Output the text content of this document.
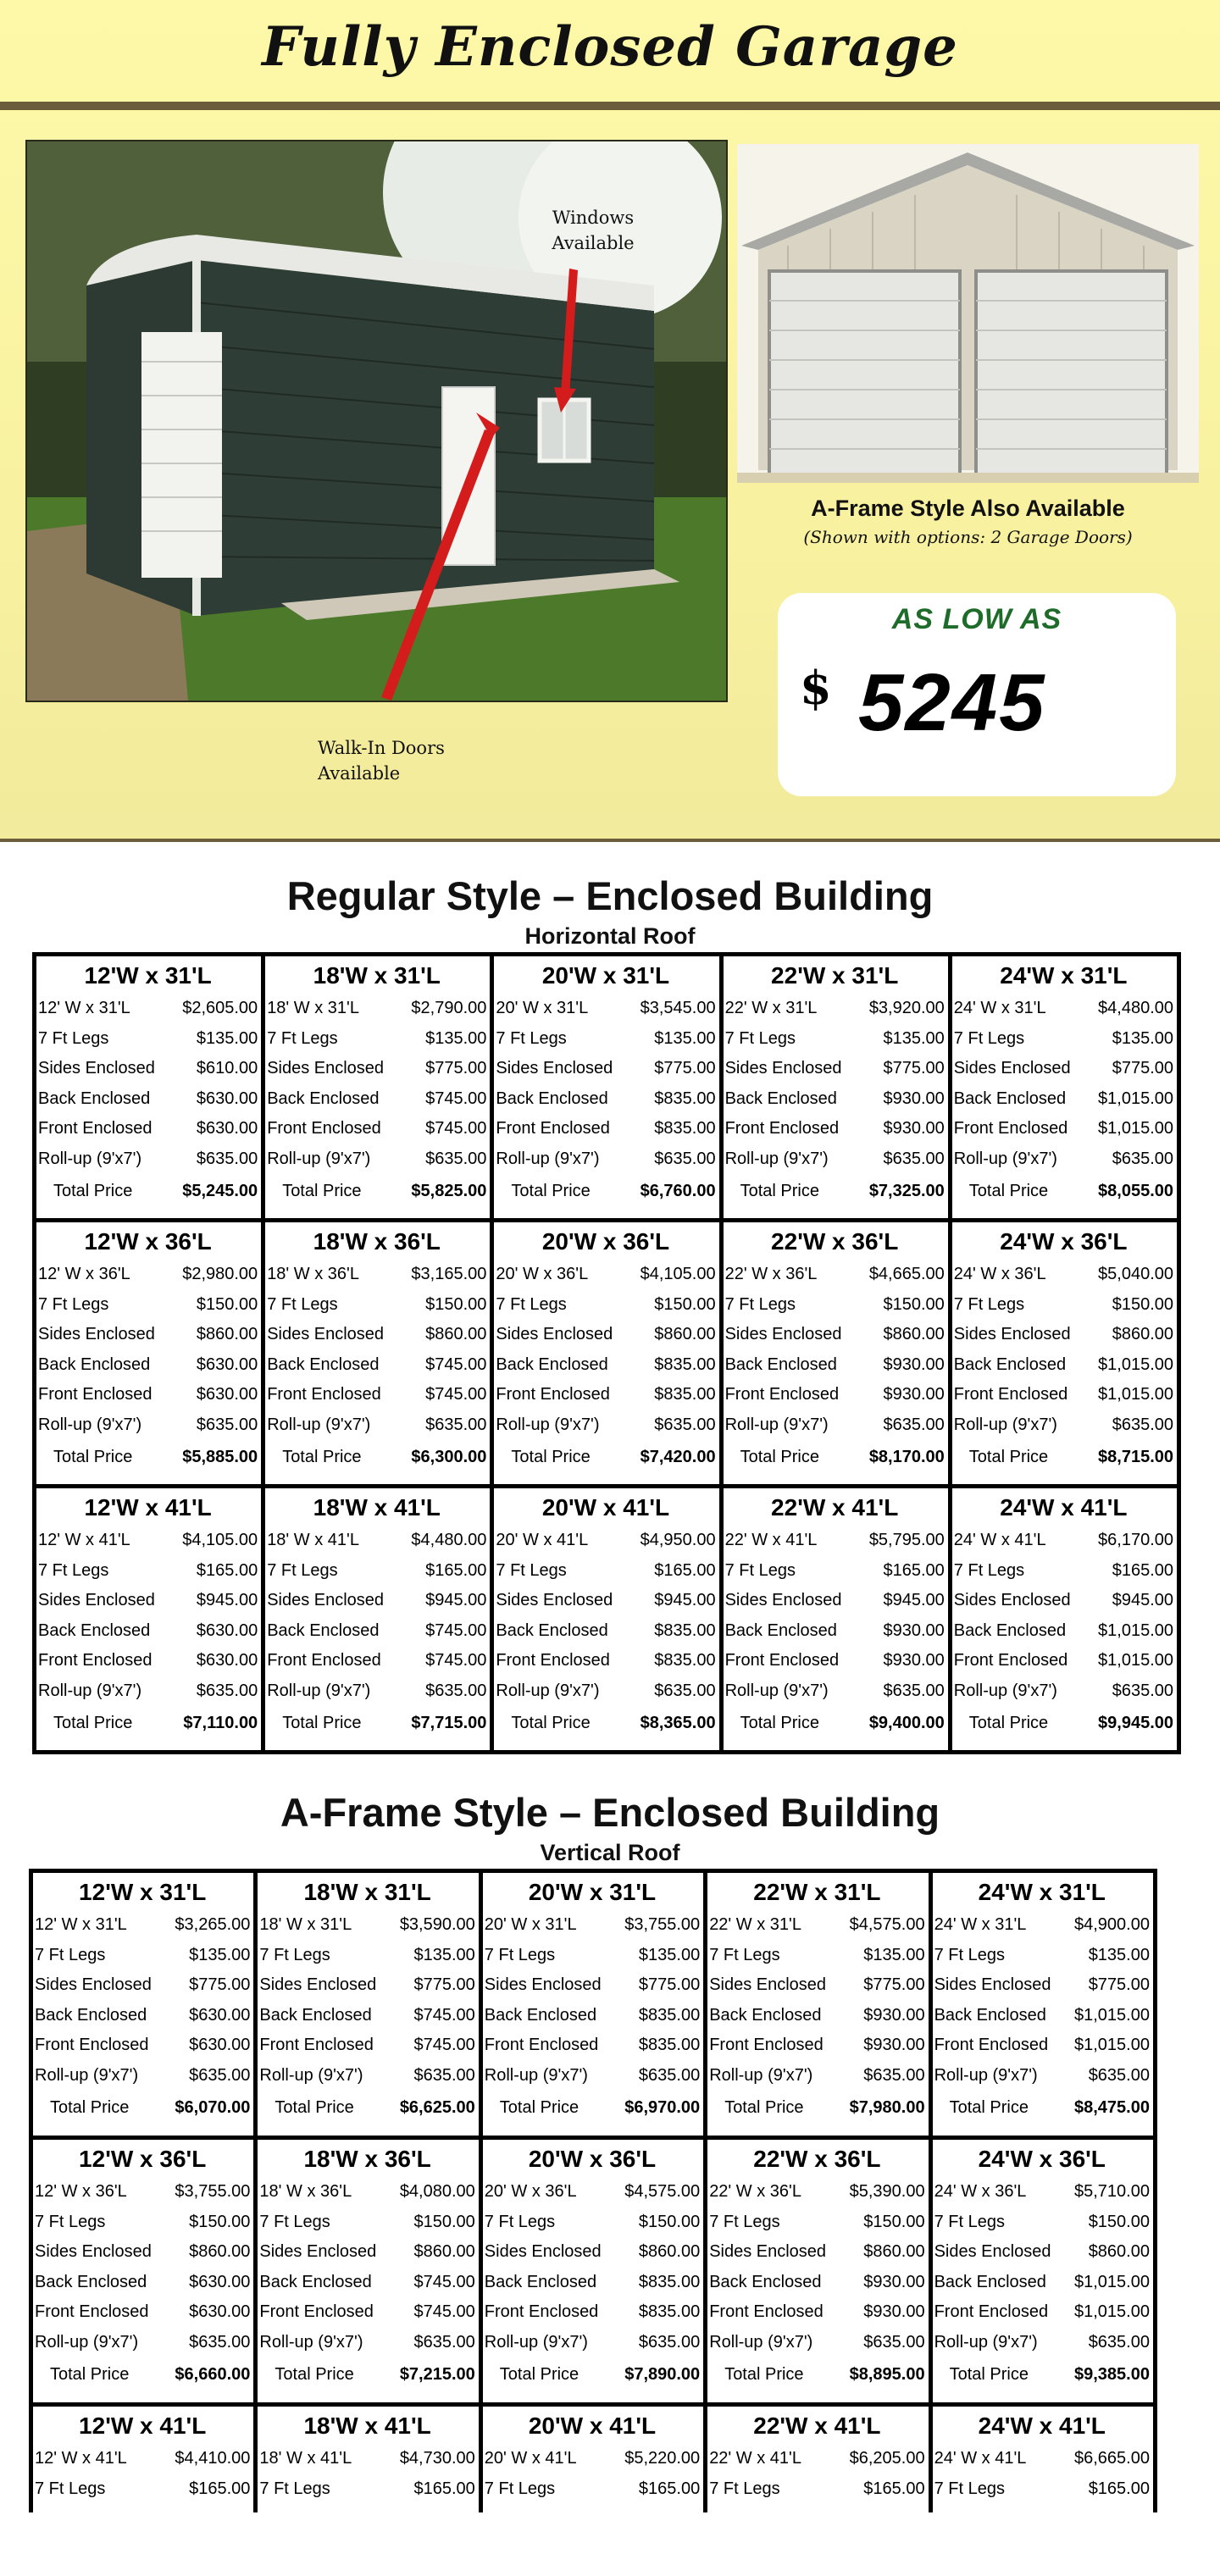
Fully Enclosed Garage
Windows Available
Walk-In Doors Available
A-Frame Style Also Available
(Shown with options: 2 Garage Doors)
AS LOW AS
$ 5245
Regular Style – Enclosed Building
Horizontal Roof
12'W x 31'L
12' W x 31'L	$2,605.00
7 Ft Legs	$135.00
Sides Enclosed $610.00
Back Enclosed	$630.00
Front Enclosed	$630.00
Roll-up (9'x7')	$635.00
Total Price	$5,245.00
18'W x 31'L
18' W x 31'L	$2,790.00
7 Ft Legs	$135.00
Sides Enclosed $775.00
Back Enclosed	$745.00
Front Enclosed	$745.00
Roll-up (9'x7')	$635.00
Total Price	$5,825.00
20'W x 31'L
20' W x 31'L	$3,545.00
7 Ft Legs	$135.00
Sides Enclosed $775.00
Back Enclosed	$835.00
Front Enclosed	$835.00
Roll-up (9'x7')	$635.00
Total Price	$6,760.00
22'W x 31'L
22' W x 31'L	$3,920.00
7 Ft Legs	$135.00
Sides Enclosed $775.00
Back Enclosed	$930.00
Front Enclosed	$930.00
Roll-up (9'x7')	$635.00
Total Price	$7,325.00
24'W x 31'L
24' W x 31'L	$4,480.00
7 Ft Legs	$135.00
Sides Enclosed $775.00
Back Enclosed $1,015.00
Front Enclosed $1,015.00
Roll-up (9'x7')	$635.00
Total Price	$8,055.00
12'W x 36'L
12' W x 36'L	$2,980.00
7 Ft Legs	$150.00
Sides Enclosed $860.00
Back Enclosed	$630.00
Front Enclosed	$630.00
Roll-up (9'x7')	$635.00
Total Price	$5,885.00
18'W x 36'L
18' W x 36'L	$3,165.00
7 Ft Legs	$150.00
Sides Enclosed $860.00
Back Enclosed	$745.00
Front Enclosed	$745.00
Roll-up (9'x7')	$635.00
Total Price	$6,300.00
20'W x 36'L
20' W x 36'L	$4,105.00
7 Ft Legs	$150.00
Sides Enclosed $860.00
Back Enclosed	$835.00
Front Enclosed	$835.00
Roll-up (9'x7')	$635.00
Total Price	$7,420.00
22'W x 36'L
22' W x 36'L	$4,665.00
7 Ft Legs	$150.00
Sides Enclosed $860.00
Back Enclosed	$930.00
Front Enclosed	$930.00
Roll-up (9'x7')	$635.00
Total Price	$8,170.00
24'W x 36'L
24' W x 36'L	$5,040.00
7 Ft Legs	$150.00
Sides Enclosed $860.00
Back Enclosed $1,015.00
Front Enclosed $1,015.00
Roll-up (9'x7')	$635.00
Total Price	$8,715.00
12'W x 41'L
12' W x 41'L	$4,105.00
7 Ft Legs	$165.00
Sides Enclosed $945.00
Back Enclosed	$630.00
Front Enclosed	$630.00
Roll-up (9'x7')	$635.00
Total Price	$7,110.00
18'W x 41'L
18' W x 41'L	$4,480.00
7 Ft Legs	$165.00
Sides Enclosed $945.00
Back Enclosed	$745.00
Front Enclosed	$745.00
Roll-up (9'x7')	$635.00
Total Price	$7,715.00
20'W x 41'L
20' W x 41'L	$4,950.00
7 Ft Legs	$165.00
Sides Enclosed $945.00
Back Enclosed	$835.00
Front Enclosed	$835.00
Roll-up (9'x7')	$635.00
Total Price	$8,365.00
22'W x 41'L
22' W x 41'L	$5,795.00
7 Ft Legs	$165.00
Sides Enclosed $945.00
Back Enclosed	$930.00
Front Enclosed	$930.00
Roll-up (9'x7')	$635.00
Total Price	$9,400.00
24'W x 41'L
24' W x 41'L	$6,170.00
7 Ft Legs	$165.00
Sides Enclosed $945.00
Back Enclosed $1,015.00
Front Enclosed $1,015.00
Roll-up (9'x7')	$635.00
Total Price	$9,945.00
A-Frame Style – Enclosed Building
Vertical Roof
12'W x 31'L
12' W x 31'L	$3,265.00
7 Ft Legs	$135.00
Sides Enclosed $775.00
Back Enclosed $630.00
Front Enclosed $630.00
Roll-up (9'x7')	$635.00
Total Price	$6,070.00
18'W x 31'L
18' W x 31'L	$3,590.00
7 Ft Legs	$135.00
Sides Enclosed $775.00
Back Enclosed $745.00
Front Enclosed $745.00
Roll-up (9'x7')	$635.00
Total Price	$6,625.00
20'W x 31'L
20' W x 31'L	$3,755.00
7 Ft Legs	$135.00
Sides Enclosed $775.00
Back Enclosed $835.00
Front Enclosed $835.00
Roll-up (9'x7')	$635.00
Total Price	$6,970.00
22'W x 31'L
22' W x 31'L	$4,575.00
7 Ft Legs	$135.00
Sides Enclosed $775.00
Back Enclosed $930.00
Front Enclosed $930.00
Roll-up (9'x7')	$635.00
Total Price	$7,980.00
24'W x 31'L
24' W x 31'L	$4,900.00
7 Ft Legs	$135.00
Sides Enclosed $775.00
Back Enclosed $1,015.00
Front Enclosed $1,015.00
Roll-up (9'x7')	$635.00
Total Price	$8,475.00
12'W x 36'L
12' W x 36'L	$3,755.00
7 Ft Legs	$150.00
Sides Enclosed $860.00
Back Enclosed $630.00
Front Enclosed $630.00
Roll-up (9'x7')	$635.00
Total Price	$6,660.00
18'W x 36'L
18' W x 36'L	$4,080.00
7 Ft Legs	$150.00
Sides Enclosed $860.00
Back Enclosed $745.00
Front Enclosed $745.00
Roll-up (9'x7')	$635.00
Total Price	$7,215.00
20'W x 36'L
20' W x 36'L	$4,575.00
7 Ft Legs	$150.00
Sides Enclosed $860.00
Back Enclosed $835.00
Front Enclosed $835.00
Roll-up (9'x7')	$635.00
Total Price	$7,890.00
22'W x 36'L
22' W x 36'L	$5,390.00
7 Ft Legs	$150.00
Sides Enclosed $860.00
Back Enclosed $930.00
Front Enclosed $930.00
Roll-up (9'x7')	$635.00
Total Price	$8,895.00
24'W x 36'L
24' W x 36'L	$5,710.00
7 Ft Legs	$150.00
Sides Enclosed $860.00
Back Enclosed $1,015.00
Front Enclosed $1,015.00
Roll-up (9'x7')	$635.00
Total Price	$9,385.00
12'W x 41'L
12' W x 41'L	$4,410.00
7 Ft Legs	$165.00
18'W x 41'L
18' W x 41'L	$4,730.00
7 Ft Legs	$165.00
20'W x 41'L
20' W x 41'L	$5,220.00
7 Ft Legs	$165.00
22'W x 41'L
22' W x 41'L	$6,205.00
7 Ft Legs	$165.00
24'W x 41'L
24' W x 41'L	$6,665.00
7 Ft Legs	$165.00
